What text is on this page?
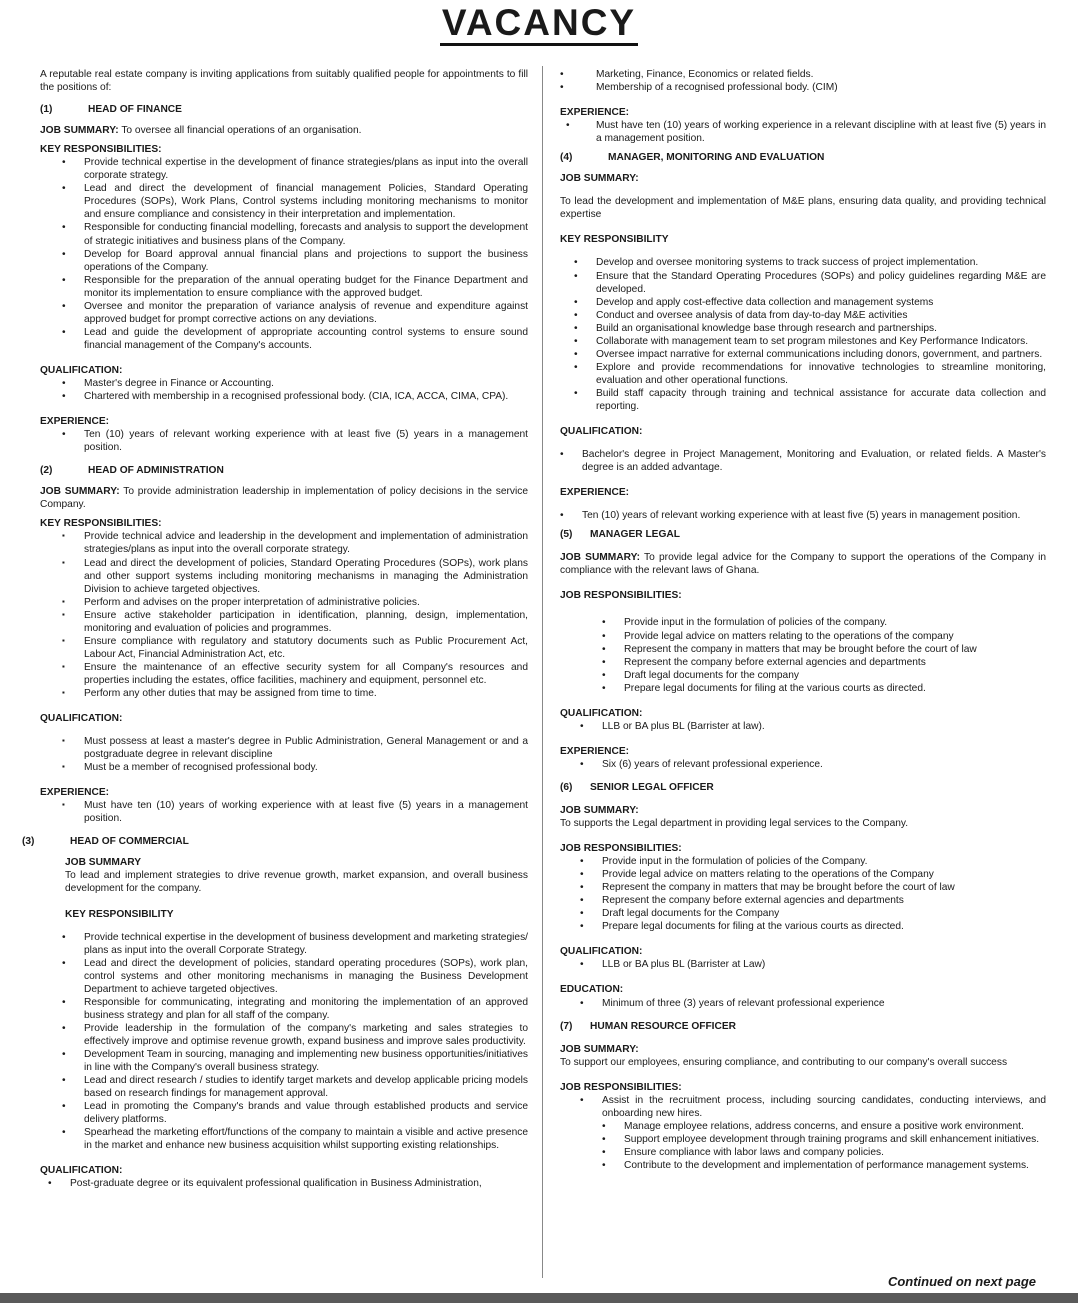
VACANCY

A reputable real estate company is inviting applications from suitably qualified people for appointments to fill the positions of:

(1)	HEAD OF FINANCE

JOB SUMMARY: To oversee all financial operations of an organisation.

KEY RESPONSIBILITIES:
• Provide technical expertise in the development of finance strategies/plans as input into the overall corporate strategy.
• Lead and direct the development of financial management Policies, Standard Operating Procedures (SOPs), Work Plans, Control systems including monitoring mechanisms to monitor and ensure compliance and consistency in their interpretation and implementation.
• Responsible for conducting financial modelling, forecasts and analysis to support the development of strategic initiatives and business plans of the Company.
• Develop for Board approval annual financial plans and projections to support the business operations of the Company.
• Responsible for the preparation of the annual operating budget for the Finance Department and monitor its implementation to ensure compliance with the approved budget.
• Oversee and monitor the preparation of variance analysis of revenue and expenditure against approved budget for prompt corrective actions on any deviations.
• Lead and guide the development of appropriate accounting control systems to ensure sound financial management of the Company's accounts.
QUALIFICATION:
• Master's degree in Finance or Accounting.
• Chartered with membership in a recognised professional body. (CIA, ICA, ACCA, CIMA, CPA).
EXPERIENCE:
• Ten (10) years of relevant working experience with at least five (5) years in a management position.
(2)	HEAD OF ADMINISTRATION

JOB SUMMARY: To provide administration leadership in implementation of policy decisions in the service Company.

KEY RESPONSIBILITIES:
▪ Provide technical advice and leadership in the development and implementation of administration strategies/plans as input into the overall corporate strategy.
▪ Lead and direct the development of policies, Standard Operating Procedures (SOPs), work plans and other support systems including monitoring mechanisms in managing the Administration Division to achieve targeted objectives.
▪ Perform and advises on the proper interpretation of administrative policies.
▪ Ensure active stakeholder participation in identification, planning, design, implementation, monitoring and evaluation of policies and programmes.
▪ Ensure compliance with regulatory and statutory documents such as Public Procurement Act, Labour Act, Financial Administration Act, etc.
▪ Ensure the maintenance of an effective security system for all Company's resources and properties including the estates, office facilities, machinery and equipment, personnel etc.
▪ Perform any other duties that may be assigned from time to time.
QUALIFICATION:
▪ Must possess at least a master's degree in Public Administration, General Management or and a postgraduate degree in relevant discipline
▪ Must be a member of recognised professional body.
EXPERIENCE:
▪ Must have ten (10) years of working experience with at least five (5) years in a management position.
(3)	HEAD OF COMMERCIAL
JOB SUMMARY

To lead and implement strategies to drive revenue growth, market expansion, and overall business development for the company.

KEY RESPONSIBILITY
• Provide technical expertise in the development of business development and marketing strategies/ plans as input into the overall Corporate Strategy.
• Lead and direct the development of policies, standard operating procedures (SOPs), work plan, control systems and other monitoring mechanisms in managing the Business Development Department to achieve targeted objectives.
• Responsible for communicating, integrating and monitoring the implementation of an approved business strategy and plan for all staff of the company.
• Provide leadership in the formulation of the company's marketing and sales strategies to effectively improve and optimise revenue growth, expand business and improve sales productivity.
• Development Team in sourcing, managing and implementing new business opportunities/initiatives in line with the Company's overall business strategy.
• Lead and direct research / studies to identify target markets and develop applicable pricing models based on research findings for management approval.
• Lead in promoting the Company's brands and value through established products and service delivery platforms.
• Spearhead the marketing effort/functions of the company to maintain a visible and active presence in the market and enhance new business acquisition whilst supporting existing relationships.
QUALIFICATION:
• Post-graduate degree or its equivalent professional qualification in Business Administration,
• Marketing, Finance, Economics or related fields.
• Membership of a recognised professional body. (CIM)
EXPERIENCE:
• Must have ten (10) years of working experience in a relevant discipline with at least five (5) years in a management position.
(4)	MANAGER, MONITORING AND EVALUATION
JOB SUMMARY:

To lead the development and implementation of M&E plans, ensuring data quality, and providing technical expertise

KEY RESPONSIBILITY
• Develop and oversee monitoring systems to track success of project implementation.
• Ensure that the Standard Operating Procedures (SOPs) and policy guidelines regarding M&E are developed.
• Develop and apply cost-effective data collection and management systems
• Conduct and oversee analysis of data from day-to-day M&E activities
• Build an organisational knowledge base through research and partnerships.
• Collaborate with management team to set program milestones and Key Performance Indicators.
• Oversee impact narrative for external communications including donors, government, and partners.
• Explore and provide recommendations for innovative technologies to streamline monitoring, evaluation and other operational functions.
• Build staff capacity through training and technical assistance for accurate data collection and reporting.
QUALIFICATION:
• Bachelor's degree in Project Management, Monitoring and Evaluation, or related fields. A Master's degree is an added advantage.
EXPERIENCE:
• Ten (10) years of relevant working experience with at least five (5) years in management position.
(5)	MANAGER LEGAL

JOB SUMMARY: To provide legal advice for the Company to support the operations of the Company in compliance with the relevant laws of Ghana.

JOB RESPONSIBILITIES:
• Provide input in the formulation of policies of the company.
• Provide legal advice on matters relating to the operations of the company
• Represent the company in matters that may be brought before the court of law
• Represent the company before external agencies and departments
• Draft legal documents for the company
• Prepare legal documents for filing at the various courts as directed.
QUALIFICATION:
• LLB or BA plus BL (Barrister at law).
EXPERIENCE:
• Six (6) years of relevant professional experience.
(6)	SENIOR LEGAL OFFICER
JOB SUMMARY:

To supports the Legal department in providing legal services to the Company.

JOB RESPONSIBILITIES:
• Provide input in the formulation of policies of the Company.
• Provide legal advice on matters relating to the operations of the Company
• Represent the company in matters that may be brought before the court of law
• Represent the company before external agencies and departments
• Draft legal documents for the Company
• Prepare legal documents for filing at the various courts as directed.
QUALIFICATION:
• LLB or BA plus BL (Barrister at Law)
EDUCATION:
• Minimum of three (3) years of relevant professional experience
(7)	HUMAN RESOURCE OFFICER
JOB SUMMARY:

To support our employees, ensuring compliance, and contributing to our company's overall success

JOB RESPONSIBILITIES:
• Assist in the recruitment process, including sourcing candidates, conducting interviews, and onboarding new hires.
• Manage employee relations, address concerns, and ensure a positive work environment.
• Support employee development through training programs and skill enhancement initiatives.
• Ensure compliance with labor laws and company policies.
• Contribute to the development and implementation of performance management systems.
Continued on next page
